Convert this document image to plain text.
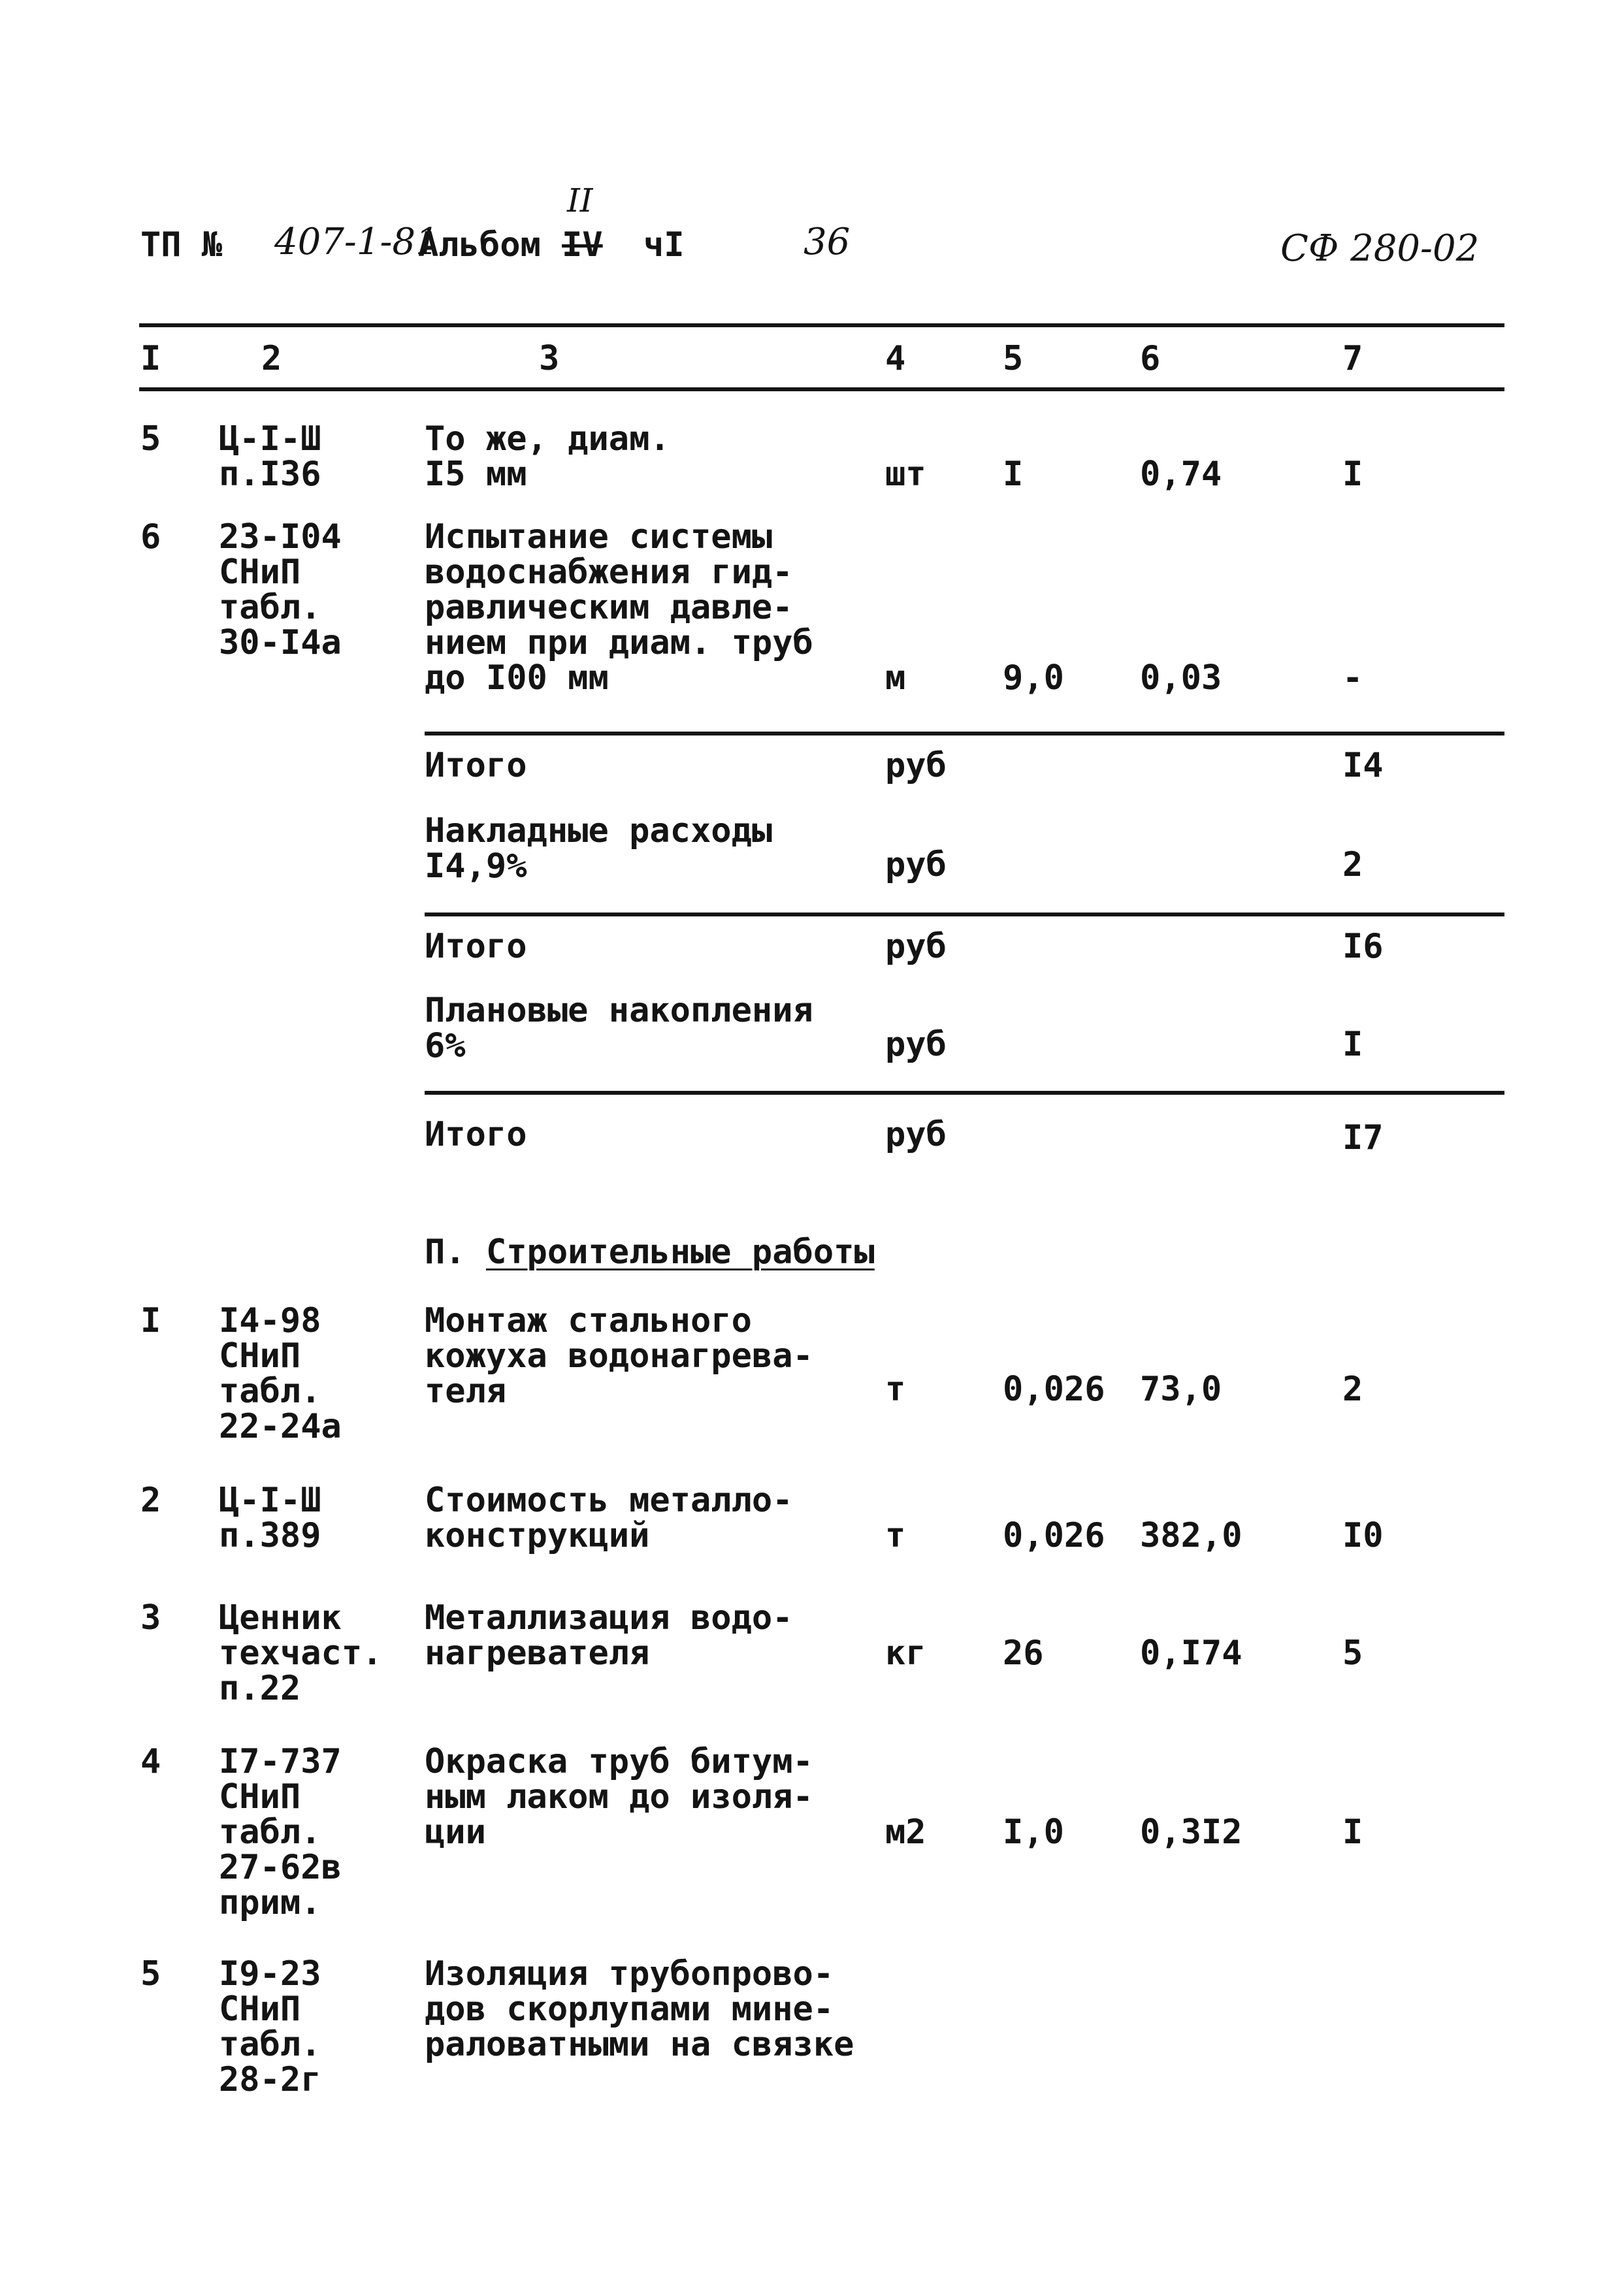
ТП № 407-1-81
Альбом
II
IV чI	36	СФ 280-02
I	2	3	4	5	6	7
5 Ц-I-Ш
п.I36
То же, диам.
I5 мм	шт I	0,74	I
6 23-I04
СНиП
табл.
30-I4а
Испытание системы
водоснабжения гид-
равлическим давле-
нием при диам. труб
до I00 мм	м	9,0 0,03	-
Итого	руб	I4
Накладные расходы
I4,9%	руб	2
Итого	руб	I6
Плановые накопления
6%	руб	I
Итого	руб	I7
П. Строительные работы
I I4-98
СНиП
табл.
22-24а
Монтаж стального
кожуха водонагрева-
теля	т	0,026 73,0	2
2 Ц-I-Ш
п.389
Стоимость металло-
конструкций	т	0,026 382,0	I0
3 Ценник
техчаст.
п.22
Металлизация водо-
нагревателя	кг 26	0,I74	5
4 I7-737
СНиП
табл.
27-62в
прим.
Окраска труб битум-
ным лаком до изоля-
ции	м2 I,0 0,3I2	I
5 I9-23
СНиП
табл.
28-2г
Изоляция трубопрово-
дов скорлупами мине-
раловатными на связке
